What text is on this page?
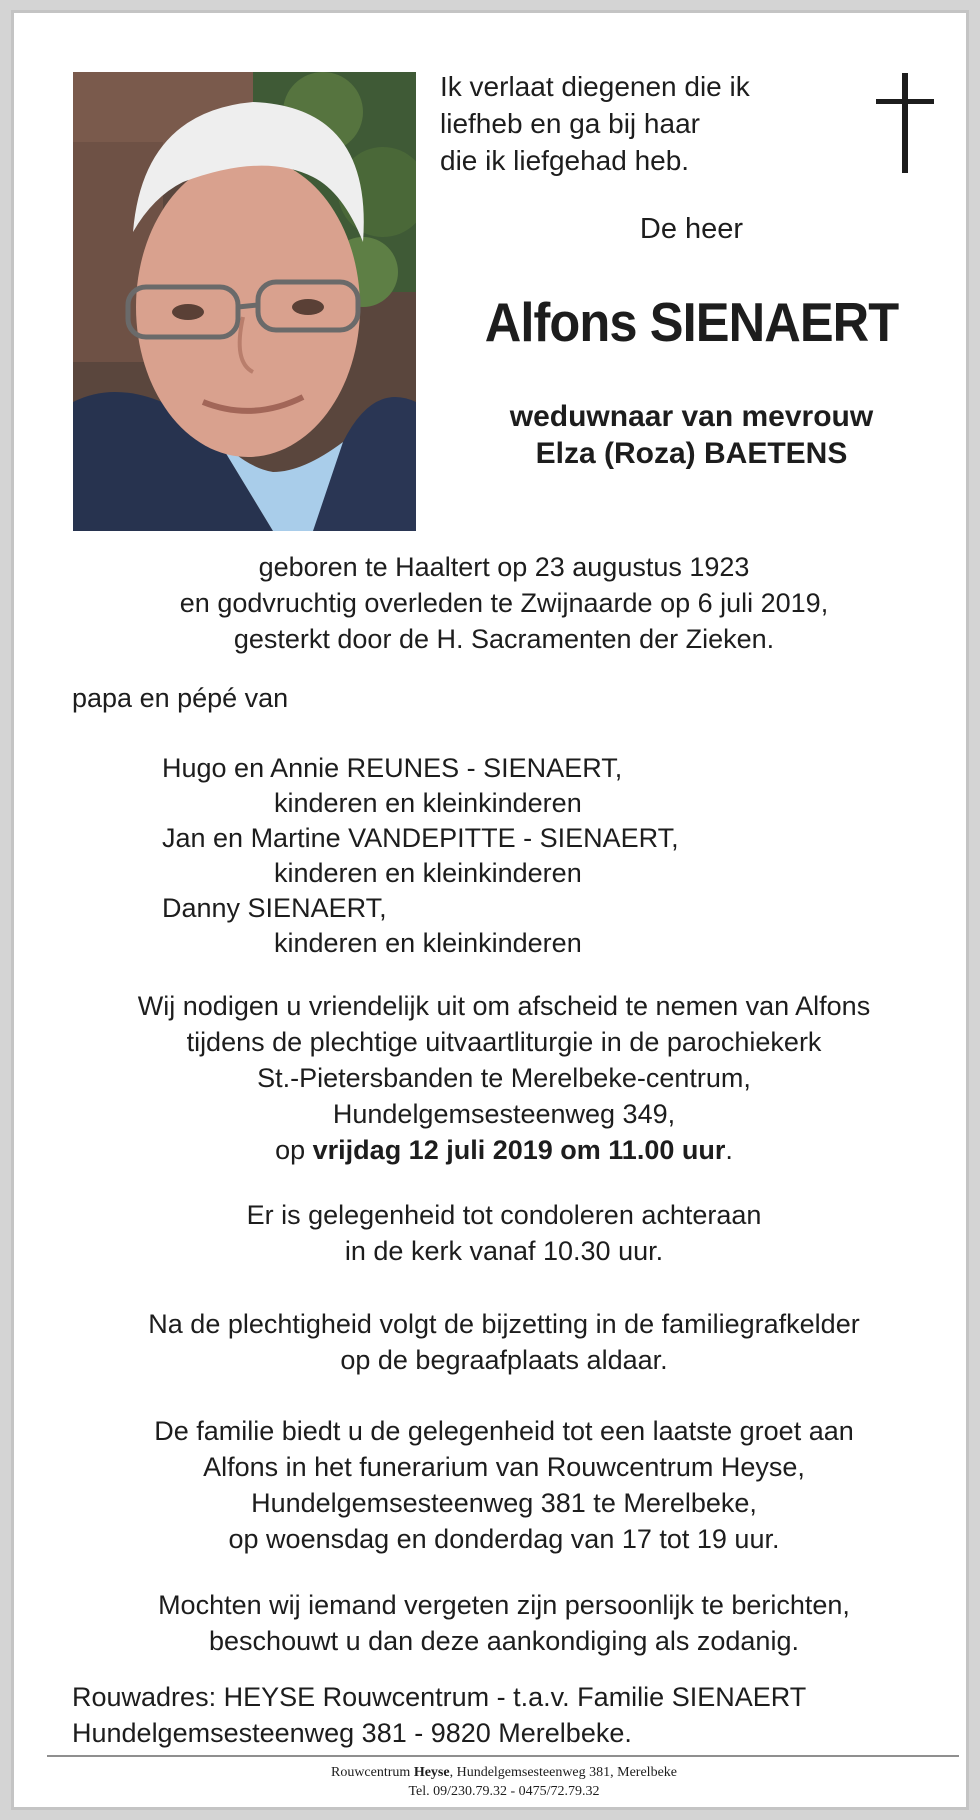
Ik verlaat diegenen die ik
liefheb en ga bij haar
die ik liefgehad heb.
De heer
Alfons SIENAERT
weduwnaar van mevrouw
Elza (Roza) BAETENS
geboren te Haaltert op 23 augustus 1923
en godvruchtig overleden te Zwijnaarde op 6 juli 2019,
gesterkt door de H. Sacramenten der Zieken.
papa en pépé van
Hugo en Annie REUNES - SIENAERT,
kinderen en kleinkinderen
Jan en Martine VANDEPITTE - SIENAERT,
kinderen en kleinkinderen
Danny SIENAERT,
kinderen en kleinkinderen
Wij nodigen u vriendelijk uit om afscheid te nemen van Alfons
tijdens de plechtige uitvaartliturgie in de parochiekerk
St.-Pietersbanden te Merelbeke-centrum,
Hundelgemsesteenweg 349,
op vrijdag 12 juli 2019 om 11.00 uur.
Er is gelegenheid tot condoleren achteraan
in de kerk vanaf 10.30 uur.
Na de plechtigheid volgt de bijzetting in de familiegrafkelder
op de begraafplaats aldaar.
De familie biedt u de gelegenheid tot een laatste groet aan
Alfons in het funerarium van Rouwcentrum Heyse,
Hundelgemsesteenweg 381 te Merelbeke,
op woensdag en donderdag van 17 tot 19 uur.
Mochten wij iemand vergeten zijn persoonlijk te berichten,
beschouwt u dan deze aankondiging als zodanig.
Rouwadres: HEYSE Rouwcentrum - t.a.v. Familie SIENAERT
Hundelgemsesteenweg 381 - 9820 Merelbeke.
Rouwcentrum Heyse, Hundelgemsesteenweg 381, Merelbeke
Tel. 09/230.79.32 - 0475/72.79.32
